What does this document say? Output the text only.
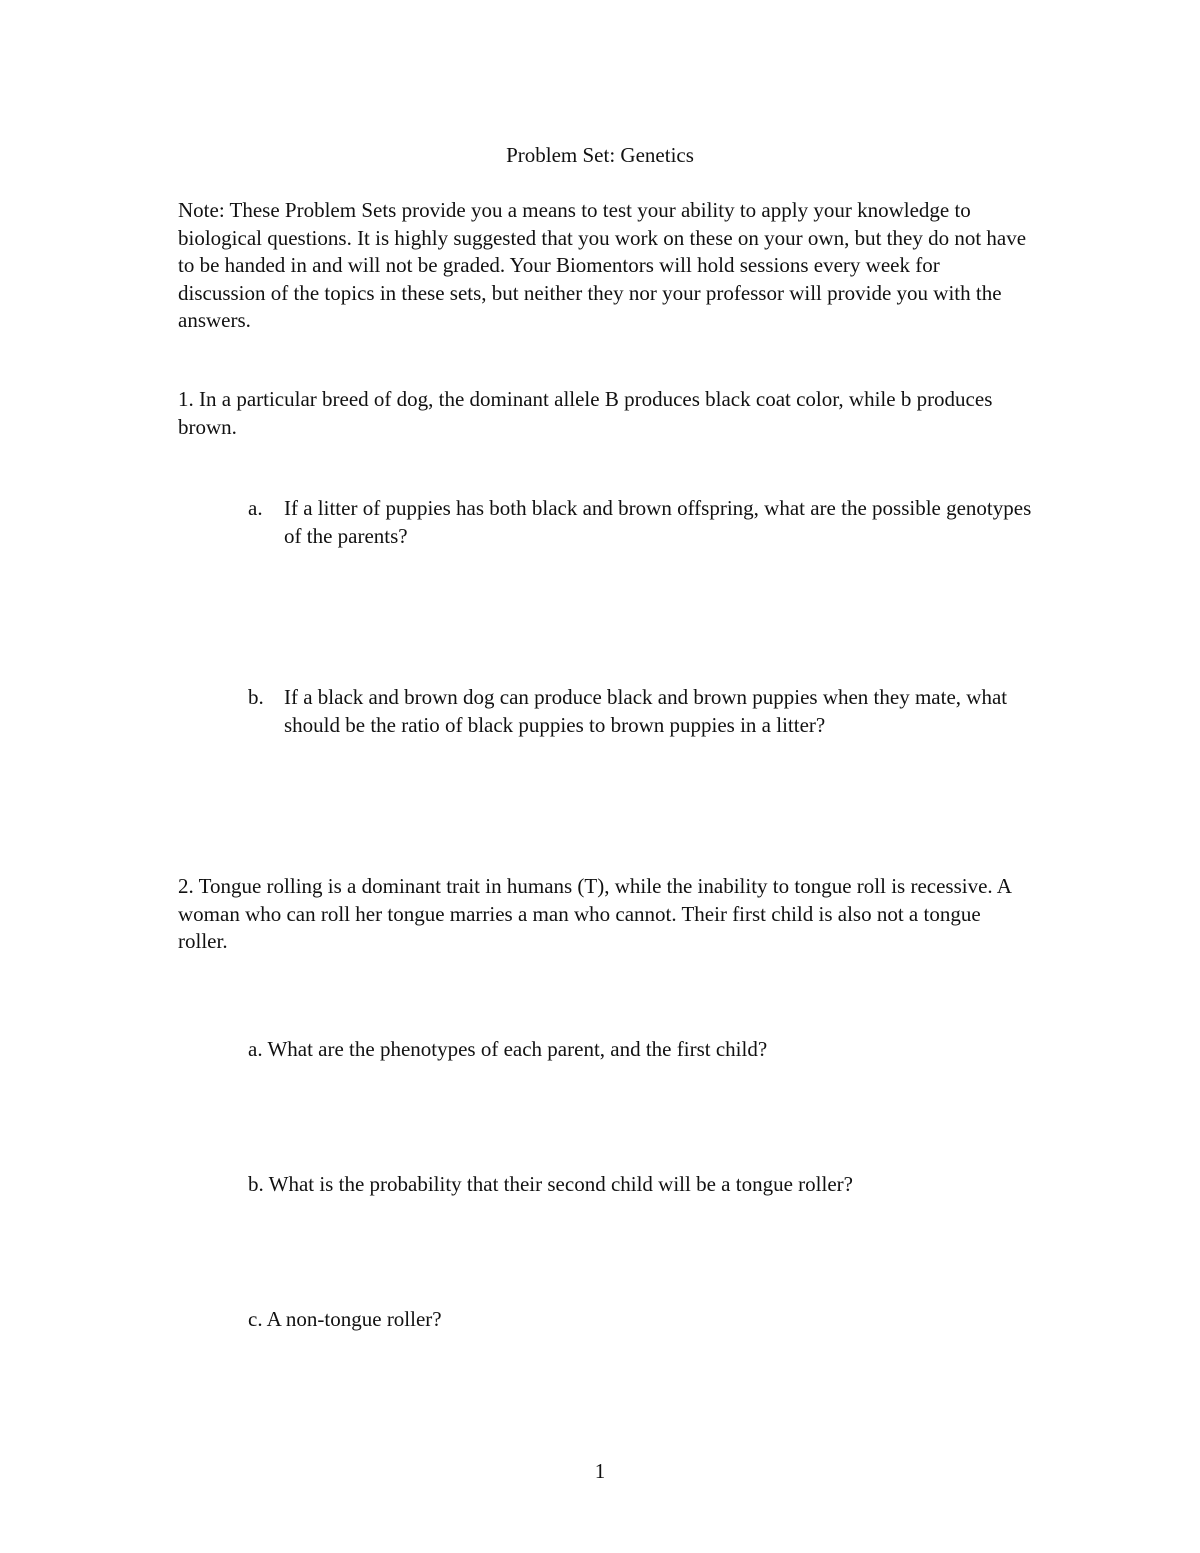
Problem Set: Genetics

Note: These Problem Sets provide you a means to test your ability to apply your knowledge to biological questions. It is highly suggested that you work on these on your own, but they do not have to be handed in and will not be graded. Your Biomentors will hold sessions every week for discussion of the topics in these sets, but neither they nor your professor will provide you with the answers.

1. In a particular breed of dog, the dominant allele B produces black coat color, while b produces brown.

a. If a litter of puppies has both black and brown offspring, what are the possible genotypes of the parents?
b. If a black and brown dog can produce black and brown puppies when they mate, what should be the ratio of black puppies to brown puppies in a litter?

2. Tongue rolling is a dominant trait in humans (T), while the inability to tongue roll is recessive. A woman who can roll her tongue marries a man who cannot. Their first child is also not a tongue roller.

a. What are the phenotypes of each parent, and the first child?

b. What is the probability that their second child will be a tongue roller?

c. A non-tongue roller?

1
